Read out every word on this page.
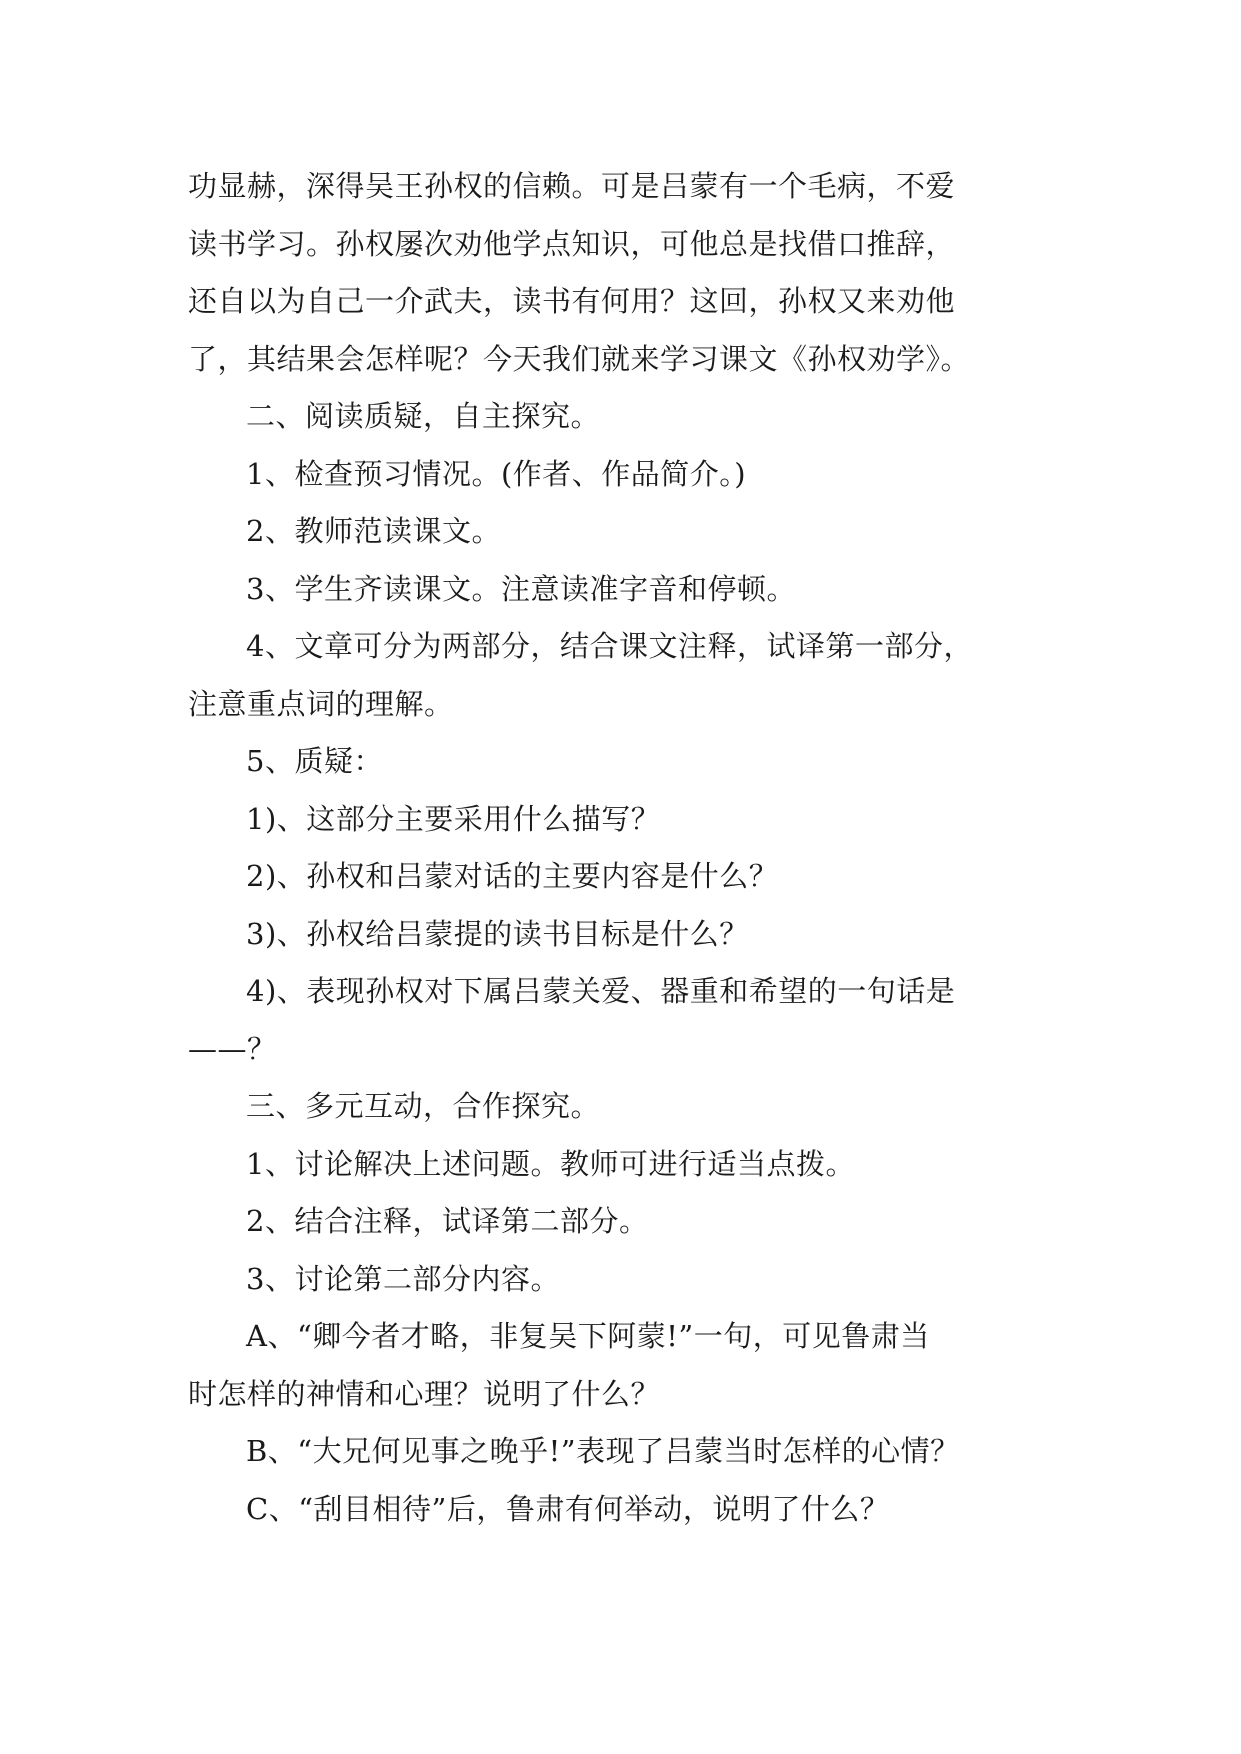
功显赫，深得吴王孙权的信赖。可是吕蒙有一个毛病，不爱

读书学习。孙权屡次劝他学点知识，可他总是找借口推辞，

还自以为自己一介武夫，读书有何用？这回，孙权又来劝他

了，其结果会怎样呢？今天我们就来学习课文《孙权劝学》。

二、阅读质疑，自主探究。

1、检查预习情况。(作者、作品简介。)

2、教师范读课文。

3、学生齐读课文。注意读准字音和停顿。

4、文章可分为两部分，结合课文注释，试译第一部分，

注意重点词的理解。

5、质疑：

1)、这部分主要采用什么描写？

2)、孙权和吕蒙对话的主要内容是什么？

3)、孙权给吕蒙提的读书目标是什么？

4)、表现孙权对下属吕蒙关爱、器重和希望的一句话是

——？

三、多元互动，合作探究。

1、讨论解决上述问题。教师可进行适当点拨。

2、结合注释，试译第二部分。

3、讨论第二部分内容。

A、“卿今者才略，非复吴下阿蒙!”一句，可见鲁肃当

时怎样的神情和心理？说明了什么？

B、“大兄何见事之晚乎!”表现了吕蒙当时怎样的心情？

C、“刮目相待”后，鲁肃有何举动，说明了什么？
